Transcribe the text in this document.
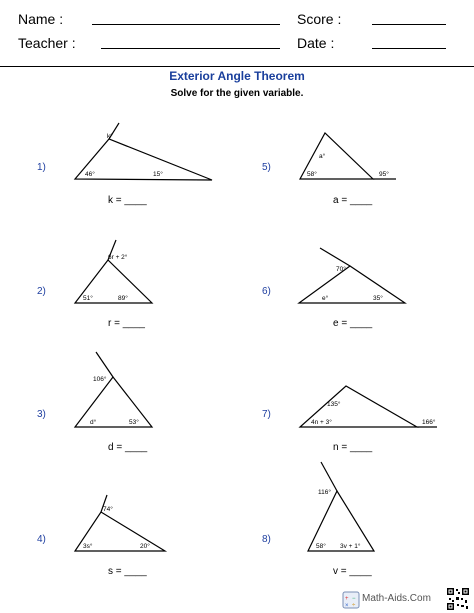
Name :	Score :
Teacher :	Date :
Exterior Angle Theorem
Solve for the given variable.
1)
2)
3)
4)
5)
6)
7)
8)
k = ____
r = ____
d = ____
s = ____
a = ____
e = ____
n = ____
v = ____
k°
46°	15°
6r + 2°
51°	89°
106°
d°	53°
74°
3s°	20°
a°
58°	95°
70°
e°	35°
135°
4n + 3°	166°
116°
58° 3v + 1°
+ −
× ÷
Math-Aids.Com
